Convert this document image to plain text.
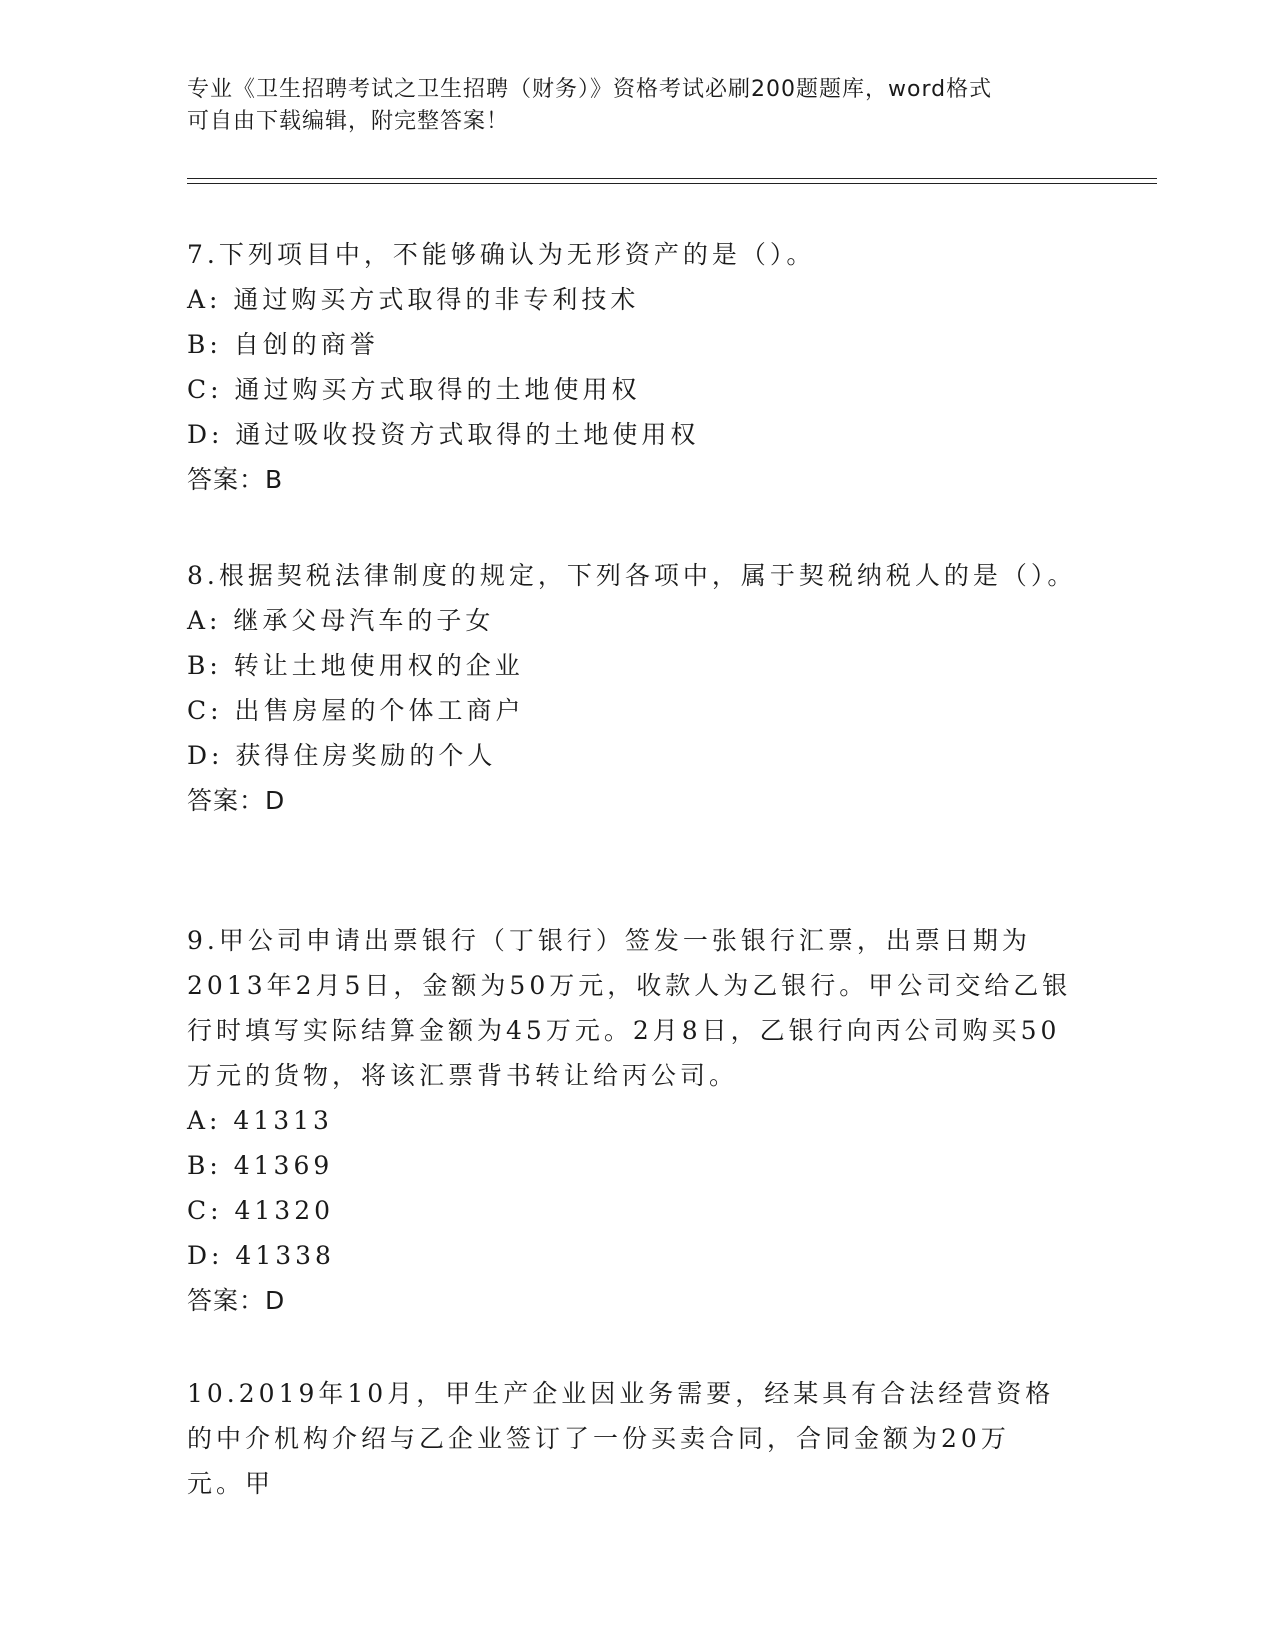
专业《卫生招聘考试之卫生招聘（财务）》资格考试必刷200题题库，word格式
可自由下载编辑，附完整答案！

7.下列项目中，不能够确认为无形资产的是（）。

A: 通过购买方式取得的非专利技术

B: 自创的商誉

C: 通过购买方式取得的土地使用权

D: 通过吸收投资方式取得的土地使用权

答案：B

8.根据契税法律制度的规定，下列各项中，属于契税纳税人的是（）。

A: 继承父母汽车的子女

B: 转让土地使用权的企业

C: 出售房屋的个体工商户

D: 获得住房奖励的个人

答案：D

9.甲公司申请出票银行（丁银行）签发一张银行汇票，出票日期为2013年2月5日，金额为50万元，收款人为乙银行。甲公司交给乙银行时填写实际结算金额为45万元。2月8日，乙银行向丙公司购买50万元的货物，将该汇票背书转让给丙公司。

A: 41313

B: 41369

C: 41320

D: 41338

答案：D

10.2019年10月，甲生产企业因业务需要，经某具有合法经营资格的中介机构介绍与乙企业签订了一份买卖合同，合同金额为20万元。甲
